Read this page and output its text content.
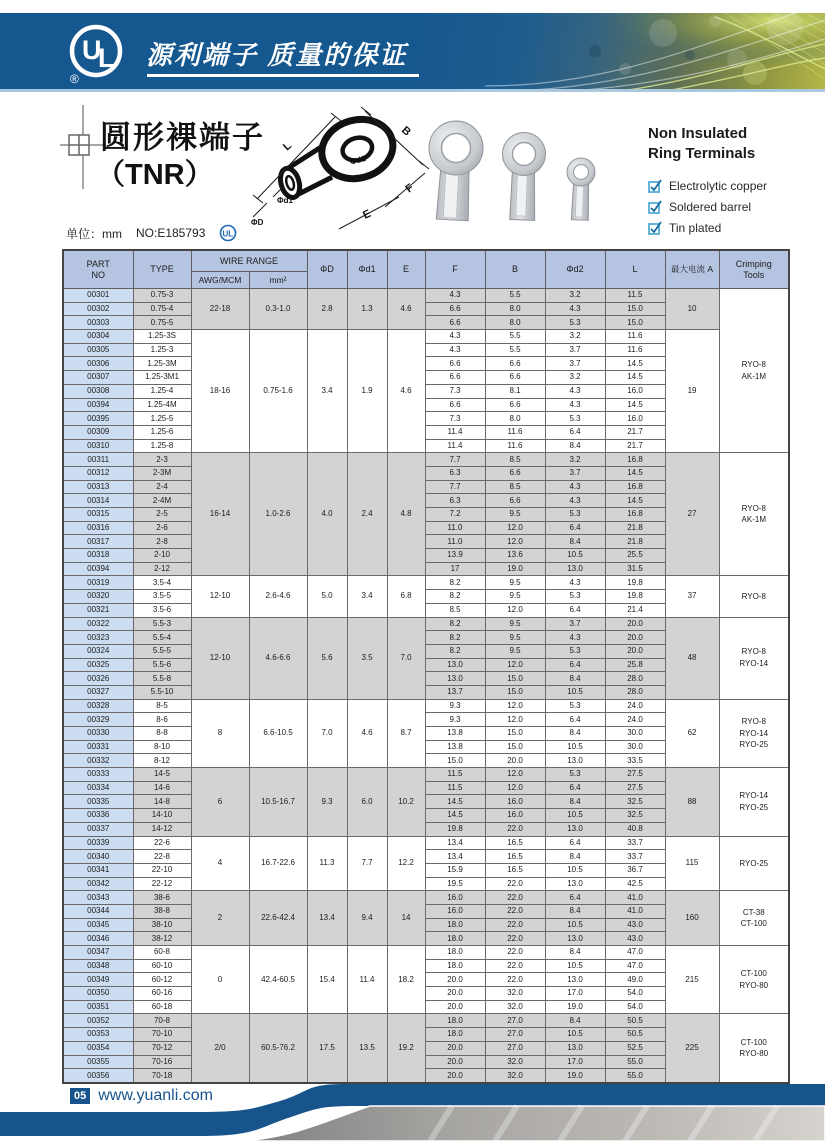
U
L
®
源利端子 质量的保证
圆形裸端子
（TNR）
L
B
F
E
Φd2
Φd1
ΦD
Non Insulated
Ring Terminals
Electrolytic copper
Soldered barrel
Tin plated
单位：mm NO:E185793 UL
PART
NO	TYPE	WIRE RANGE		ΦD	Φd1	E	F	B	Φd2	L	最大电流 A	Crimping
Tools
		AWG/MCM	mm²									
00301	0.75-3	22-18	0.3-1.0	2.8	1.3	4.6	4.3	5.5	3.2	11.5	10	RYO-8
AK-1M

00302	0.75-4						6.6	8.0	4.3	15.0		
00303	0.75-5						6.6	8.0	5.3	15.0		
00304	1.25-3S	18-16	0.75-1.6	3.4	1.9	4.6	4.3	5.5	3.2	11.6	19	
00305	1.25-3						4.3	5.5	3.7	11.6		
00306	1.25-3M						6.6	6.6	3.7	14.5		
00307	1.25-3M1						6.6	6.6	3.2	14.5		
00308	1.25-4						7.3	8.1	4.3	16.0		
00394	1.25-4M						6.6	6.6	4.3	14.5		
00395	1.25-5						7.3	8.0	5.3	16.0		
00309	1.25-6						11.4	11.6	6.4	21.7		
00310	1.25-8						11.4	11.6	8.4	21.7		
00311	2-3	16-14	1.0-2.6	4.0	2.4	4.8	7.7	8.5	3.2	16.8	27	RYO-8
AK-1M

00312	2-3M						6.3	6.6	3.7	14.5		
00313	2-4						7.7	8.5	4.3	16.8		
00314	2-4M						6.3	6.6	4.3	14.5		
00315	2-5						7.2	9.5	5.3	16.8		
00316	2-6						11.0	12.0	6.4	21.8		
00317	2-8						11.0	12.0	8.4	21.8		
00318	2-10						13.9	13.6	10.5	25.5		
00394	2-12						17	19.0	13.0	31.5		
00319	3.5-4	12-10	2.6-4.6	5.0	3.4	6.8	8.2	9.5	4.3	19.8	37	RYO-8

00320	3.5-5						8.2	9.5	5.3	19.8		
00321	3.5-6						8.5	12.0	6.4	21.4		
00322	5.5-3	12-10	4.6-6.6	5.6	3.5	7.0	8.2	9.5	3.7	20.0	48	RYO-8
RYO-14

00323	5.5-4						8.2	9.5	4.3	20.0		
00324	5.5-5						8.2	9.5	5.3	20.0		
00325	5.5-6						13.0	12.0	6.4	25.8		
00326	5.5-8						13.0	15.0	8.4	28.0		
00327	5.5-10						13.7	15.0	10.5	28.0		
00328	8-5	8	6.6-10.5	7.0	4.6	8.7	9.3	12.0	5.3	24.0	62	RYO-8
RYO-14
RYO-25

00329	8-6						9.3	12.0	6.4	24.0		
00330	8-8						13.8	15.0	8.4	30.0		
00331	8-10						13.8	15.0	10.5	30.0		
00332	8-12						15.0	20.0	13.0	33.5		
00333	14-5	6	10.5-16.7	9.3	6.0	10.2	11.5	12.0	5.3	27.5	88	RYO-14
RYO-25

00334	14-6						11.5	12.0	6.4	27.5		
00335	14-8						14.5	16.0	8.4	32.5		
00336	14-10						14.5	16.0	10.5	32.5		
00337	14-12						19.8	22.0	13.0	40.8		
00339	22-6	4	16.7-22.6	11.3	7.7	12.2	13.4	16.5	6.4	33.7	115	RYO-25

00340	22-8						13.4	16.5	8.4	33.7		
00341	22-10						15.9	16.5	10.5	36.7		
00342	22-12						19.5	22.0	13.0	42.5		
00343	38-6	2	22.6-42.4	13.4	9.4	14	16.0	22.0	6.4	41.0	160	CT-38
CT-100

00344	38-8						16.0	22.0	8.4	41.0		
00345	38-10						18.0	22.0	10.5	43.0		
00346	38-12						18.0	22.0	13.0	43.0		
00347	60-8	0	42.4-60.5	15.4	11.4	18.2	18.0	22.0	8.4	47.0	215	CT-100
RYO-80

00348	60-10						18.0	22.0	10.5	47.0		
00349	60-12						20.0	22.0	13.0	49.0		
00350	60-16						20.0	32.0	17.0	54.0		
00351	60-18						20.0	32.0	19.0	54.0		
00352	70-8	2/0	60.5-76.2	17.5	13.5	19.2	18.0	27.0	8.4	50.5	225	CT-100
RYO-80

00353	70-10						18.0	27.0	10.5	50.5		
00354	70-12						20.0	27.0	13.0	52.5		
00355	70-16						20.0	32.0	17.0	55.0		
00356	70-18						20.0	32.0	19.0	55.0		
05 www.yuanli.com
